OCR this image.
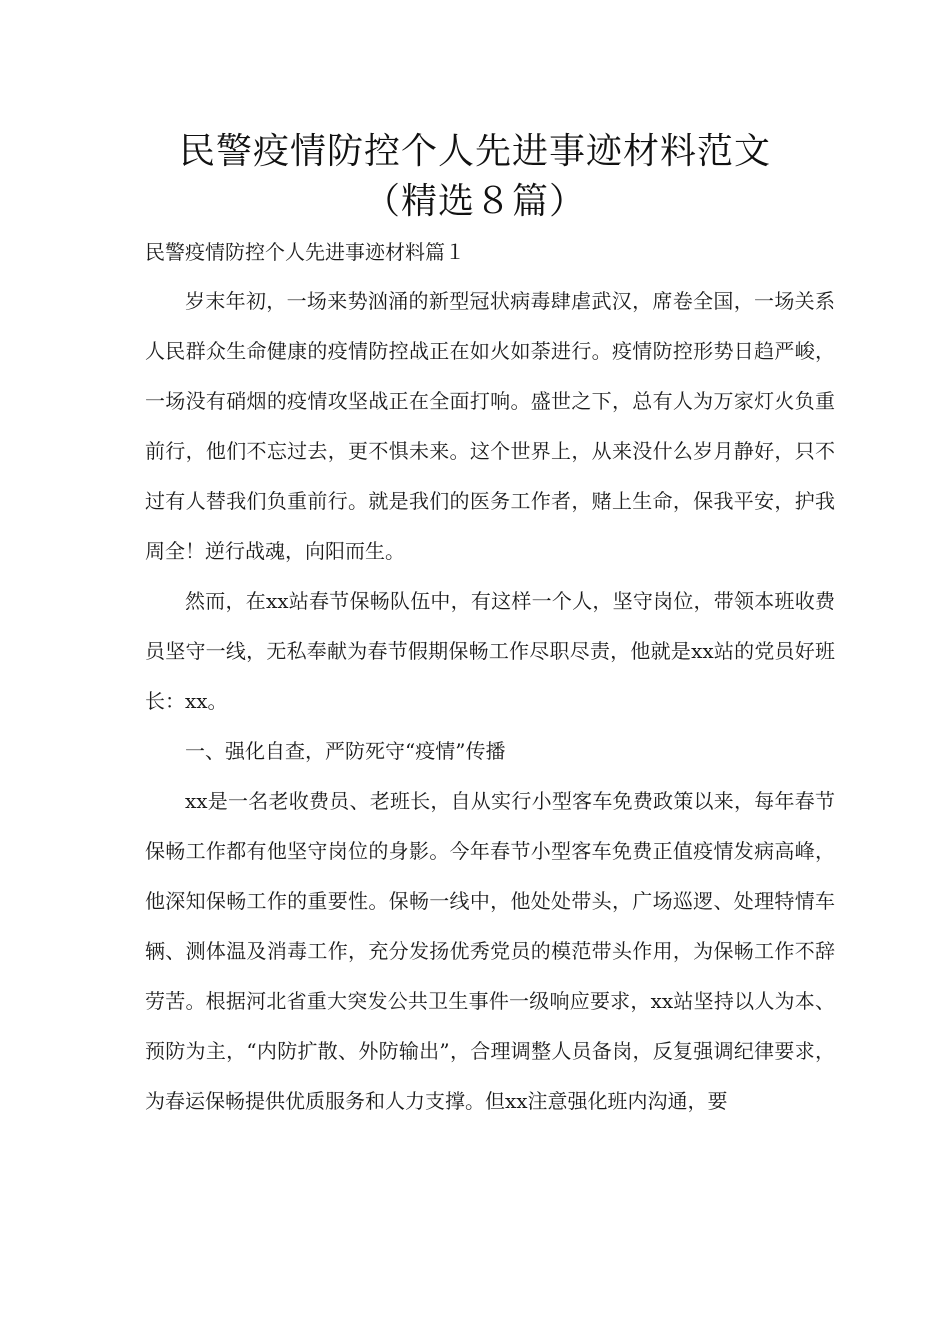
民警疫情防控个人先进事迹材料范文
（精选８篇）
民警疫情防控个人先进事迹材料篇１

岁末年初，一场来势汹涌的新型冠状病毒肆虐武汉，席卷全国，一场关系人民群众生命健康的疫情防控战正在如火如荼进行。疫情防控形势日趋严峻，一场没有硝烟的疫情攻坚战正在全面打响。盛世之下，总有人为万家灯火负重前行，他们不忘过去，更不惧未来。这个世界上，从来没什么岁月静好，只不过有人替我们负重前行。就是我们的医务工作者，赌上生命，保我平安，护我周全！逆行战魂，向阳而生。

然而，在xx站春节保畅队伍中，有这样一个人，坚守岗位，带领本班收费员坚守一线，无私奉献为春节假期保畅工作尽职尽责，他就是xx站的党员好班长：xx。

一、强化自查，严防死守“疫情”传播

xx是一名老收费员、老班长，自从实行小型客车免费政策以来，每年春节保畅工作都有他坚守岗位的身影。今年春节小型客车免费正值疫情发病高峰，他深知保畅工作的重要性。保畅一线中，他处处带头，广场巡逻、处理特情车辆、测体温及消毒工作，充分发扬优秀党员的模范带头作用，为保畅工作不辞劳苦。根据河北省重大突发公共卫生事件一级响应要求，xx站坚持以人为本、预防为主，“内防扩散、外防输出”，合理调整人员备岗，反复强调纪律要求，为春运保畅提供优质服务和人力支撑。但xx注意强化班内沟通，要
